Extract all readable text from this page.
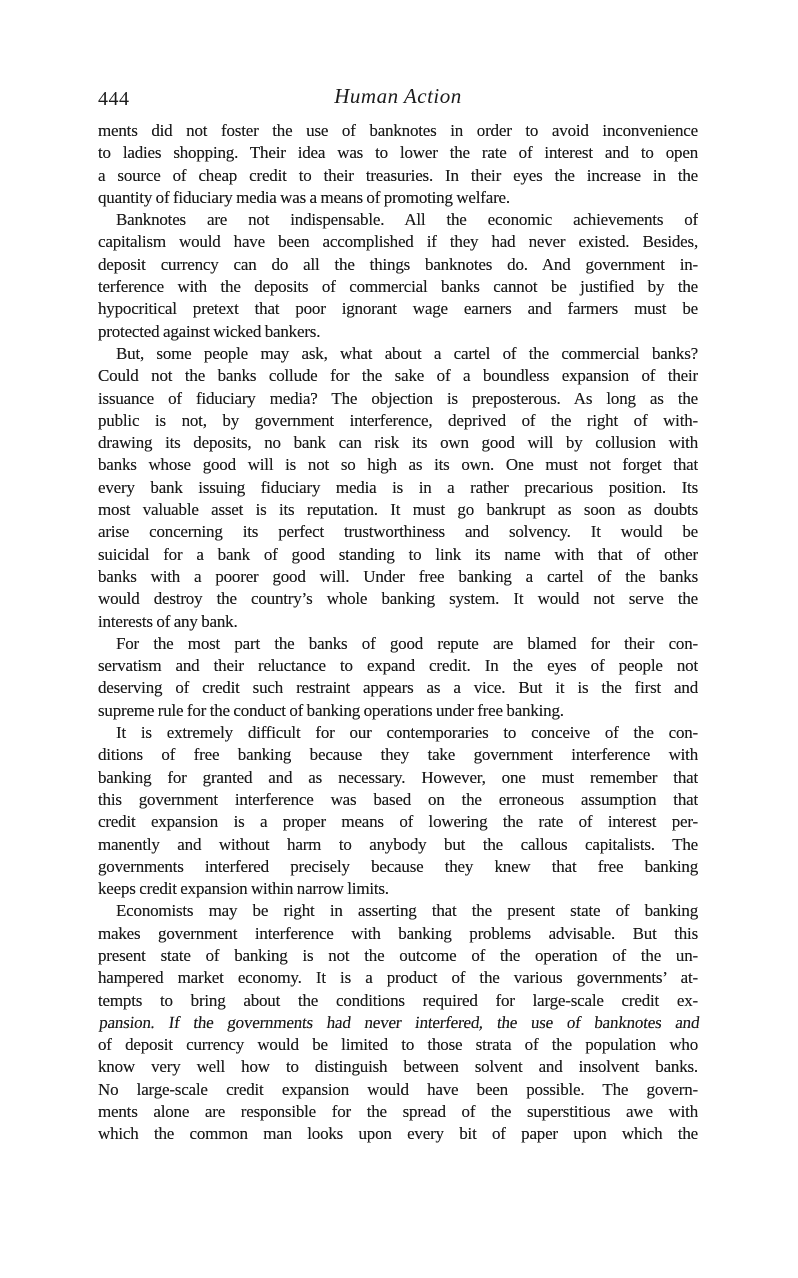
444	Human Action
ments did not foster the use of banknotes in order to avoid inconvenience
to ladies shopping. Their idea was to lower the rate of interest and to open
a source of cheap credit to their treasuries. In their eyes the increase in the
quantity of fiduciary media was a means of promoting welfare.
Banknotes are not indispensable. All the economic achievements of
capitalism would have been accomplished if they had never existed. Besides,
deposit currency can do all the things banknotes do. And government in-
terference with the deposits of commercial banks cannot be justified by the
hypocritical pretext that poor ignorant wage earners and farmers must be
protected against wicked bankers.
But, some people may ask, what about a cartel of the commercial banks?
Could not the banks collude for the sake of a boundless expansion of their
issuance of fiduciary media? The objection is preposterous. As long as the
public is not, by government interference, deprived of the right of with-
drawing its deposits, no bank can risk its own good will by collusion with
banks whose good will is not so high as its own. One must not forget that
every bank issuing fiduciary media is in a rather precarious position. Its
most valuable asset is its reputation. It must go bankrupt as soon as doubts
arise concerning its perfect trustworthiness and solvency. It would be
suicidal for a bank of good standing to link its name with that of other
banks with a poorer good will. Under free banking a cartel of the banks
would destroy the country’s whole banking system. It would not serve the
interests of any bank.
For the most part the banks of good repute are blamed for their con-
servatism and their reluctance to expand credit. In the eyes of people not
deserving of credit such restraint appears as a vice. But it is the first and
supreme rule for the conduct of banking operations under free banking.
It is extremely difficult for our contemporaries to conceive of the con-
ditions of free banking because they take government interference with
banking for granted and as necessary. However, one must remember that
this government interference was based on the erroneous assumption that
credit expansion is a proper means of lowering the rate of interest per-
manently and without harm to anybody but the callous capitalists. The
governments interfered precisely because they knew that free banking
keeps credit expansion within narrow limits.
Economists may be right in asserting that the present state of banking
makes government interference with banking problems advisable. But this
present state of banking is not the outcome of the operation of the un-
hampered market economy. It is a product of the various governments’ at-
tempts to bring about the conditions required for large-scale credit ex-
pansion. If the governments had never interfered, the use of banknotes and
of deposit currency would be limited to those strata of the population who
know very well how to distinguish between solvent and insolvent banks.
No large-scale credit expansion would have been possible. The govern-
ments alone are responsible for the spread of the superstitious awe with
which the common man looks upon every bit of paper upon which the
